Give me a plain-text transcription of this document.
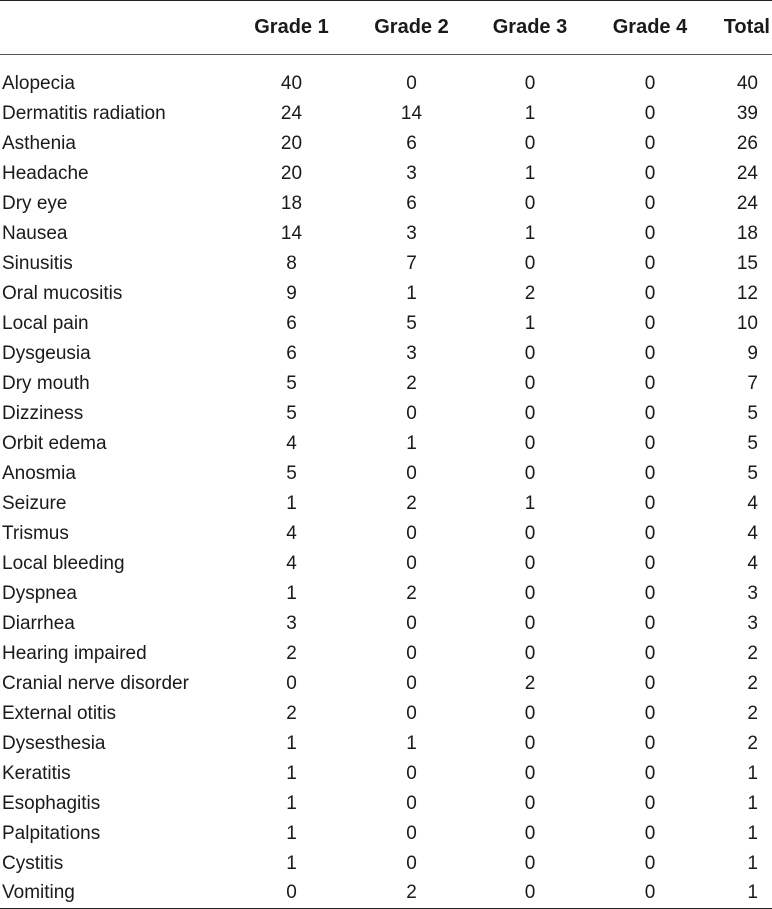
	Grade 1	Grade 2	Grade 3	Grade 4	Total
Alopecia	40	0	0	0	40
Dermatitis radiation	24	14	1	0	39
Asthenia	20	6	0	0	26
Headache	20	3	1	0	24
Dry eye	18	6	0	0	24
Nausea	14	3	1	0	18
Sinusitis	8	7	0	0	15
Oral mucositis	9	1	2	0	12
Local pain	6	5	1	0	10
Dysgeusia	6	3	0	0	9
Dry mouth	5	2	0	0	7
Dizziness	5	0	0	0	5
Orbit edema	4	1	0	0	5
Anosmia	5	0	0	0	5
Seizure	1	2	1	0	4
Trismus	4	0	0	0	4
Local bleeding	4	0	0	0	4
Dyspnea	1	2	0	0	3
Diarrhea	3	0	0	0	3
Hearing impaired	2	0	0	0	2
Cranial nerve disorder	0	0	2	0	2
External otitis	2	0	0	0	2
Dysesthesia	1	1	0	0	2
Keratitis	1	0	0	0	1
Esophagitis	1	0	0	0	1
Palpitations	1	0	0	0	1
Cystitis	1	0	0	0	1
Vomiting	0	2	0	0	1
